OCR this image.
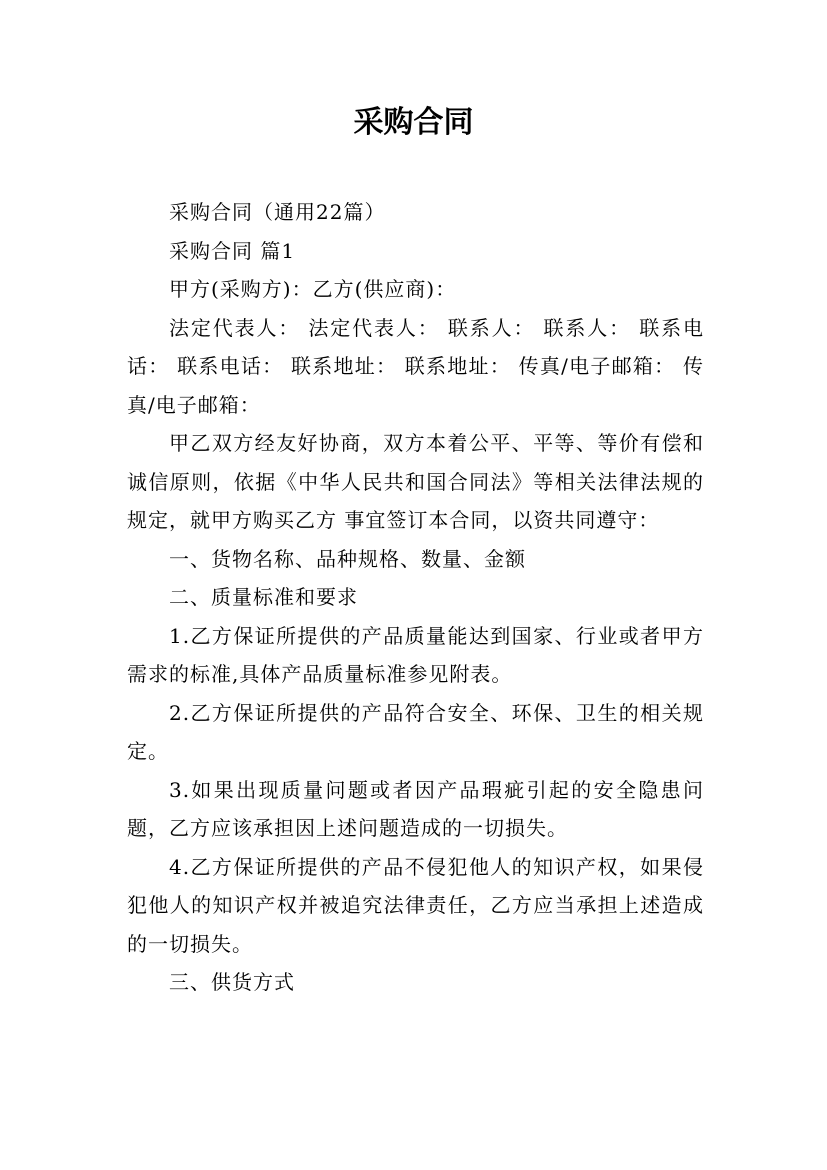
采购合同

采购合同（通用22篇）

采购合同 篇1

甲方(采购方)：乙方(供应商)：

法定代表人： 法定代表人： 联系人： 联系人： 联系电话： 联系电话： 联系地址： 联系地址： 传真/电子邮箱： 传真/电子邮箱：

甲乙双方经友好协商，双方本着公平、平等、等价有偿和诚信原则，依据《中华人民共和国合同法》等相关法律法规的规定，就甲方购买乙方 事宜签订本合同，以资共同遵守：

一、货物名称、品种规格、数量、金额

二、质量标准和要求

1.乙方保证所提供的产品质量能达到国家、行业或者甲方需求的标准,具体产品质量标准参见附表。

2.乙方保证所提供的产品符合安全、环保、卫生的相关规定。

3.如果出现质量问题或者因产品瑕疵引起的安全隐患问题，乙方应该承担因上述问题造成的一切损失。

4.乙方保证所提供的产品不侵犯他人的知识产权，如果侵犯他人的知识产权并被追究法律责任，乙方应当承担上述造成的一切损失。

三、供货方式
